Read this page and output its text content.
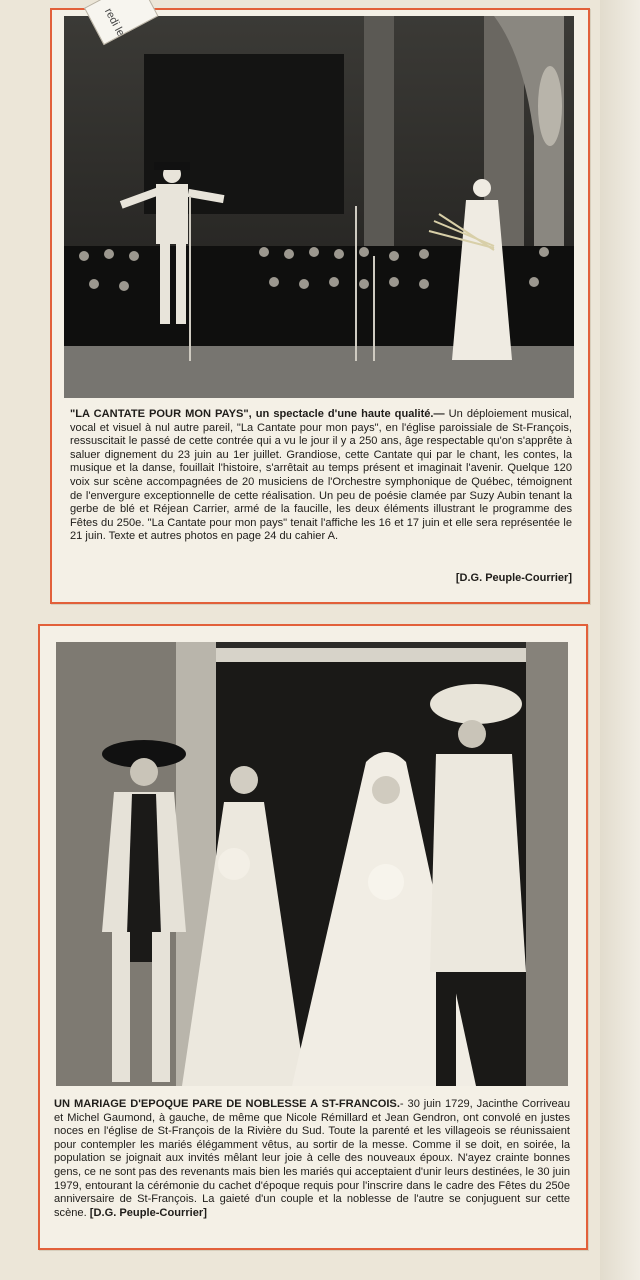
"LA CANTATE POUR MON PAYS", un spectacle d'une haute qualité.— Un déploiement musical, vocal et visuel à nul autre pareil, "La Cantate pour mon pays", en l'église paroissiale de St-François, ressuscitait le passé de cette contrée qui a vu le jour il y a 250 ans, âge respectable qu'on s'apprête à saluer dignement du 23 juin au 1er juillet. Grandiose, cette Cantate qui par le chant, les contes, la musique et la danse, fouillait l'histoire, s'arrêtait au temps présent et imaginait l'avenir. Quelque 120 voix sur scène accompagnées de 20 musiciens de l'Orchestre symphonique de Québec, témoignent de l'envergure exceptionnelle de cette réalisation. Un peu de poésie clamée par Suzy Aubin tenant la gerbe de blé et Réjean Carrier, armé de la faucille, les deux éléments illustrant le programme des Fêtes du 250e. "La Cantate pour mon pays" tenait l'affiche les 16 et 17 juin et elle sera représentée le 21 juin. Texte et autres photos en page 24 du cahier A.
[D.G. Peuple-Courrier]
redi le
UN MARIAGE D'EPOQUE PARE DE NOBLESSE A ST-FRANCOIS.- 30 juin 1729, Jacinthe Corriveau et Michel Gaumond, à gauche, de même que Nicole Rémillard et Jean Gendron, ont convolé en justes noces en l'église de St-François de la Rivière du Sud. Toute la parenté et les villageois se réunissaient pour contempler les mariés élégamment vêtus, au sortir de la messe. Comme il se doit, en soirée, la population se joignait aux invités mêlant leur joie à celle des nouveaux époux. N'ayez crainte bonnes gens, ce ne sont pas des revenants mais bien les mariés qui acceptaient d'unir leurs destinées, le 30 juin 1979, entourant la cérémonie du cachet d'époque requis pour l'inscrire dans le cadre des Fêtes du 250e anniversaire de St-François. La gaieté d'un couple et la noblesse de l'autre se conjuguent sur cette scène. [D.G. Peuple-Courrier]
